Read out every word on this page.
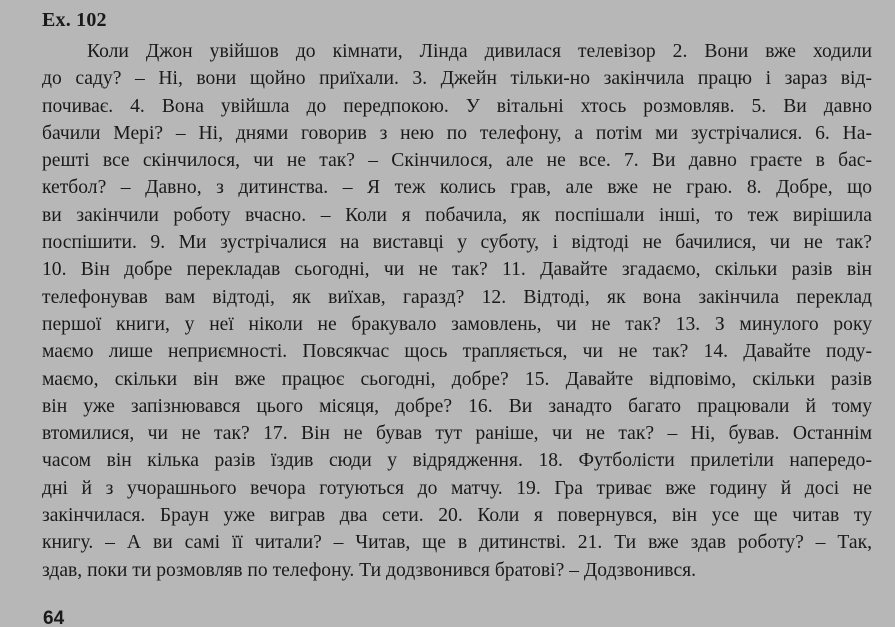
Ex. 102
Коли Джон увійшов до кімнати, Лінда дивилася телевізор 2. Вони вже ходили
до саду? – Ні, вони щойно приїхали. 3. Джейн тільки-но закінчила працю і зараз від-
почиває. 4. Вона увійшла до передпокою. У вітальні хтось розмовляв. 5. Ви давно
бачили Мері? – Ні, днями говорив з нею по телефону, а потім ми зустрічалися. 6. На-
решті все скінчилося, чи не так? – Скінчилося, але не все. 7. Ви давно граєте в бас-
кетбол? – Давно, з дитинства. – Я теж колись грав, але вже не граю. 8. Добре, що
ви закінчили роботу вчасно. – Коли я побачила, як поспішали інші, то теж вирішила
поспішити. 9. Ми зустрічалися на виставці у суботу, і відтоді не бачилися, чи не так?
10. Він добре перекладав сьогодні, чи не так? 11. Давайте згадаємо, скільки разів він
телефонував вам відтоді, як виїхав, гаразд? 12. Відтоді, як вона закінчила переклад
першої книги, у неї ніколи не бракувало замовлень, чи не так? 13. З минулого року
маємо лише неприємності. Повсякчас щось трапляється, чи не так? 14. Давайте поду-
маємо, скільки він вже працює сьогодні, добре? 15. Давайте відповімо, скільки разів
він уже запізнювався цього місяця, добре? 16. Ви занадто багато працювали й тому
втомилися, чи не так? 17. Він не бував тут раніше, чи не так? – Ні, бував. Останнім
часом він кілька разів їздив сюди у відрядження. 18. Футболісти прилетіли напередо-
дні й з учорашнього вечора готуються до матчу. 19. Гра триває вже годину й досі не
закінчилася. Браун уже виграв два сети. 20. Коли я повернувся, він усе ще читав ту
книгу. – А ви самі її читали? – Читав, ще в дитинстві. 21. Ти вже здав роботу? – Так,
здав, поки ти розмовляв по телефону. Ти додзвонився братові? – Додзвонився.
64
